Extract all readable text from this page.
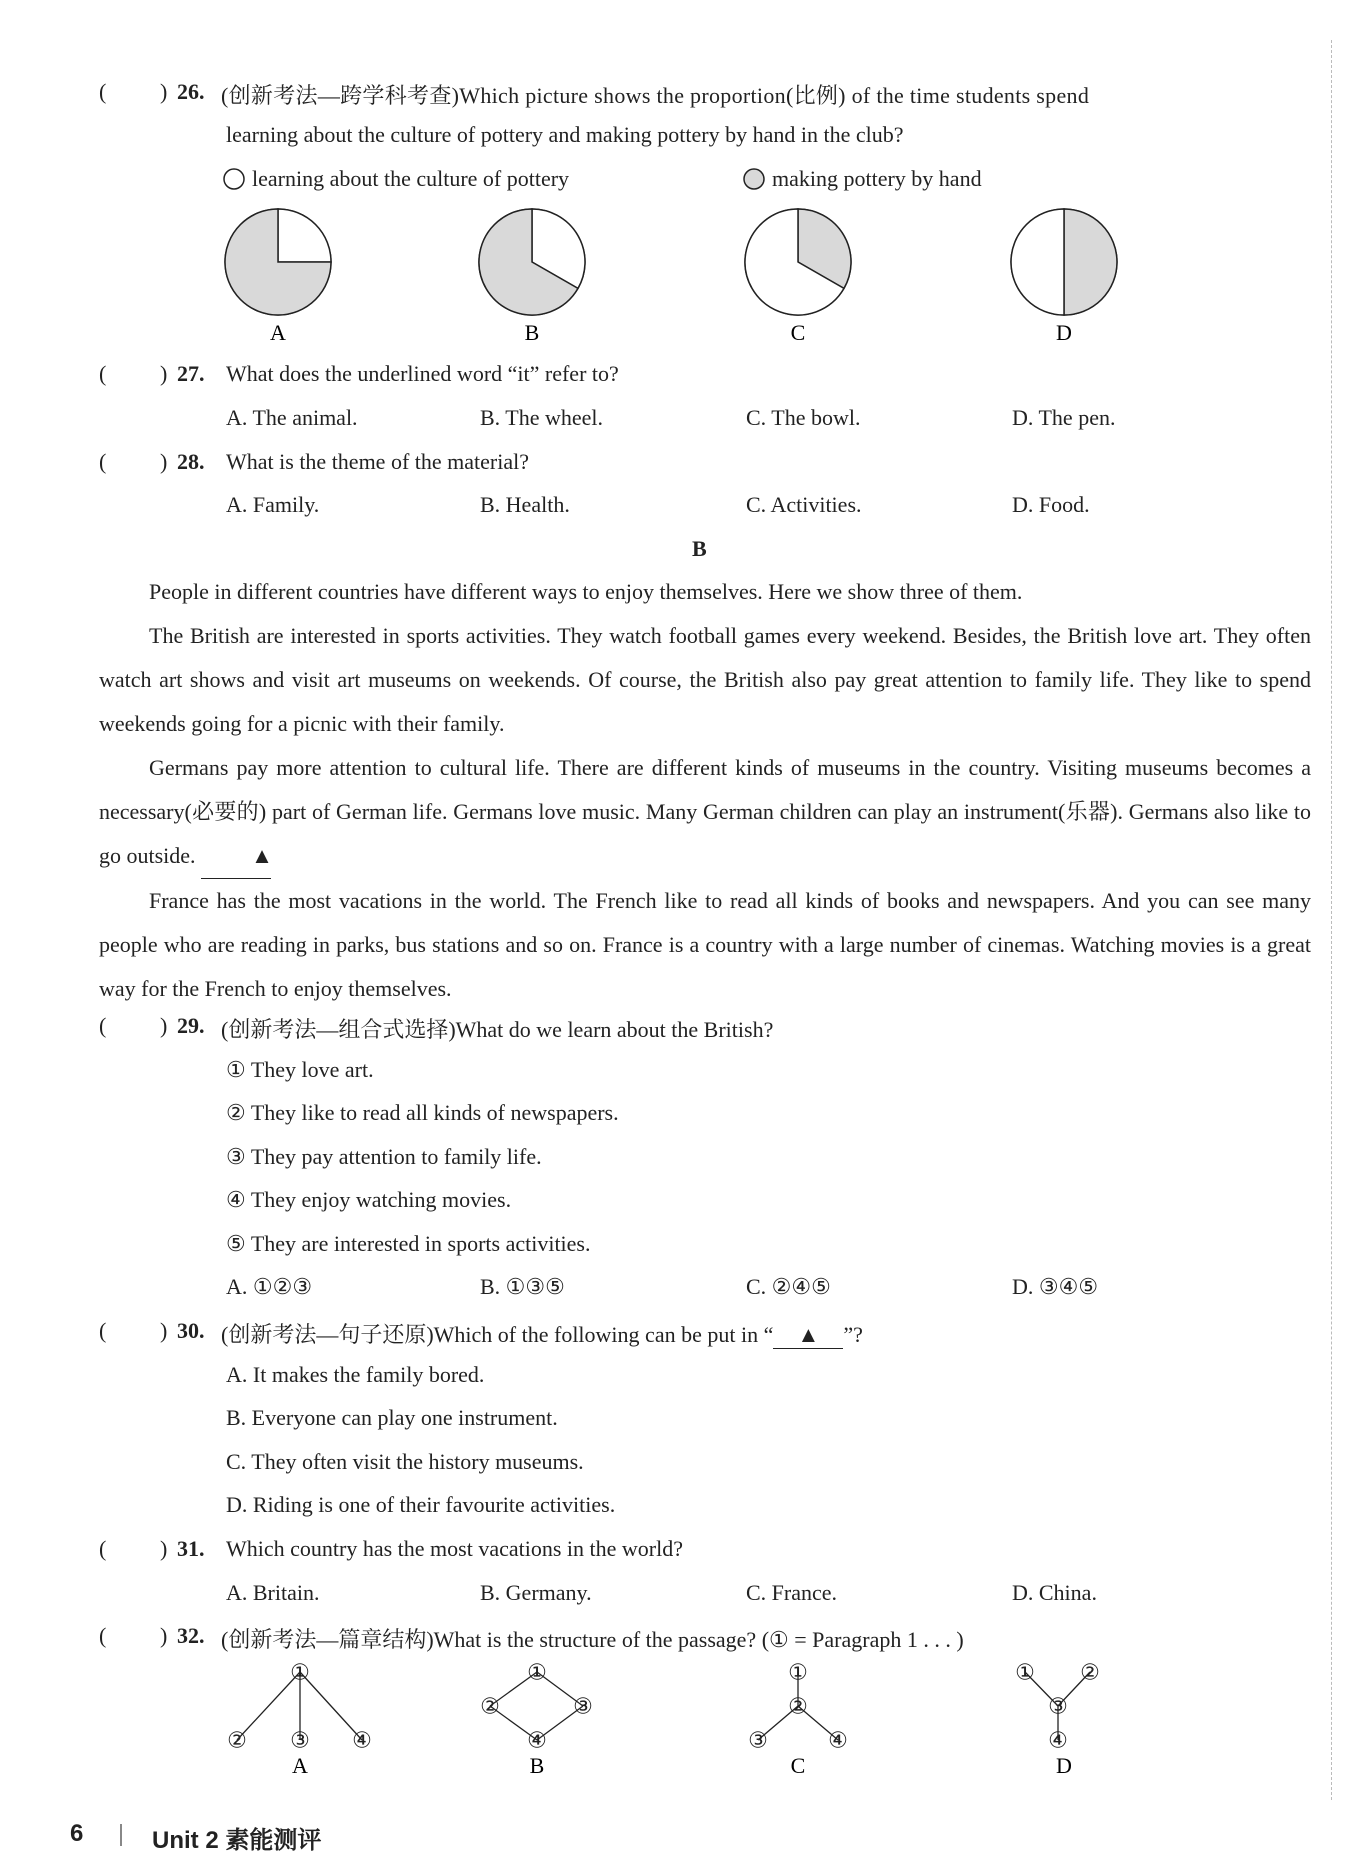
( ) 26. (创新考法—跨学科考查)Which picture shows the proportion(比例) of the time students spend
learning about the culture of pottery and making pottery by hand in the club?
learning about the culture of pottery	making pottery by hand
A	B	C	D
( ) 27. What does the underlined word “it” refer to?
A. The animal.	B. The wheel.	C. The bowl.	D. The pen.
( ) 28. What is the theme of the material?
A. Family.	B. Health.	C. Activities.	D. Food.
B

People in different countries have different ways to enjoy themselves. Here we show three of them.

The British are interested in sports activities. They watch football games every weekend. Besides, the British love art. They often watch art shows and visit art museums on weekends. Of course, the British also pay great attention to family life. They like to spend weekends going for a picnic with their family.

Germans pay more attention to cultural life. There are different kinds of museums in the country. Visiting museums becomes a necessary(必要的) part of German life. Germans love music. Many German children can play an instrument(乐器). Germans also like to go outside.	▲

France has the most vacations in the world. The French like to read all kinds of books and newspapers. And you can see many people who are reading in parks, bus stations and so on. France is a country with a large number of cinemas. Watching movies is a great way for the French to enjoy themselves.

( ) 29. (创新考法—组合式选择)What do we learn about the British?
① They love art.
② They like to read all kinds of newspapers.
③ They pay attention to family life.
④ They enjoy watching movies.
⑤ They are interested in sports activities.
A. ①②③	B. ①③⑤	C. ②④⑤	D. ③④⑤
( ) 30. (创新考法—句子还原)Which of the following can be put in “ ▲ ”?
A. It makes the family bored.
B. Everyone can play one instrument.
C. They often visit the history museums.
D. Riding is one of their favourite activities.
( ) 31. Which country has the most vacations in the world?
A. Britain.	B. Germany.	C. France.	D. China.
( ) 32. (创新考法—篇章结构)What is the structure of the passage? (① = Paragraph 1 . . . )
①
② ③ ④
①
②	③
④
①
②
③	④
① ②
③
④
A	B	C	D
6	Unit 2 素能测评
